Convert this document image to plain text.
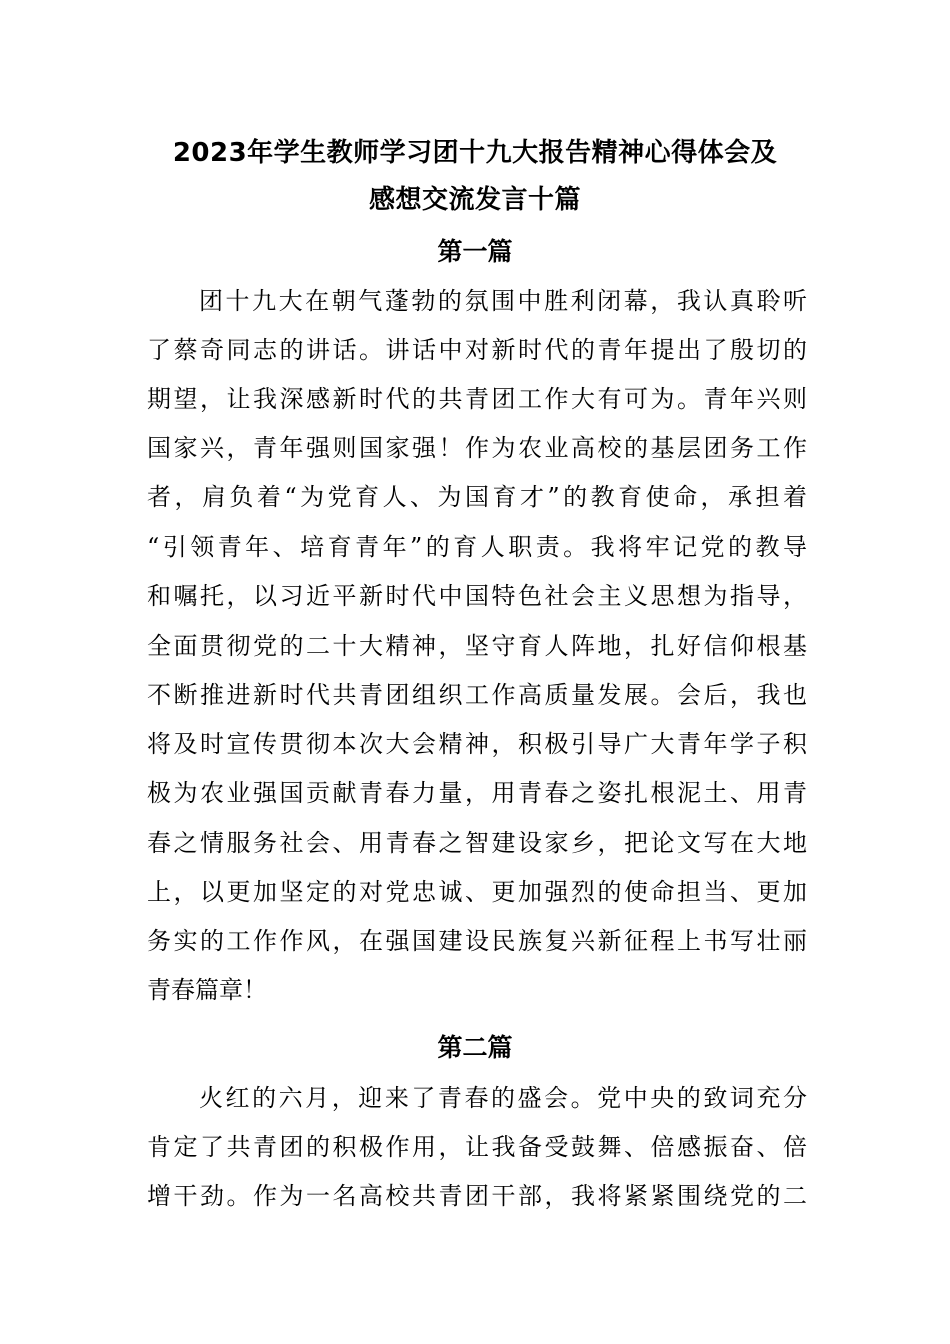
2023年学生教师学习团十九大报告精神心得体会及
感想交流发言十篇
第一篇

团十九大在朝气蓬勃的氛围中胜利闭幕，我认真聆听

了蔡奇同志的讲话。讲话中对新时代的青年提出了殷切的

期望，让我深感新时代的共青团工作大有可为。青年兴则

国家兴，青年强则国家强！作为农业高校的基层团务工作

者，肩负着“为党育人、为国育才”的教育使命，承担着

“引领青年、培育青年”的育人职责。我将牢记党的教导

和嘱托，以习近平新时代中国特色社会主义思想为指导，

全面贯彻党的二十大精神，坚守育人阵地，扎好信仰根基

不断推进新时代共青团组织工作高质量发展。会后，我也

将及时宣传贯彻本次大会精神，积极引导广大青年学子积

极为农业强国贡献青春力量，用青春之姿扎根泥土、用青

春之情服务社会、用青春之智建设家乡，把论文写在大地

上，以更加坚定的对党忠诚、更加强烈的使命担当、更加

务实的工作作风，在强国建设民族复兴新征程上书写壮丽

青春篇章！

第二篇

火红的六月，迎来了青春的盛会。党中央的致词充分

肯定了共青团的积极作用，让我备受鼓舞、倍感振奋、倍

增干劲。作为一名高校共青团干部，我将紧紧围绕党的二
